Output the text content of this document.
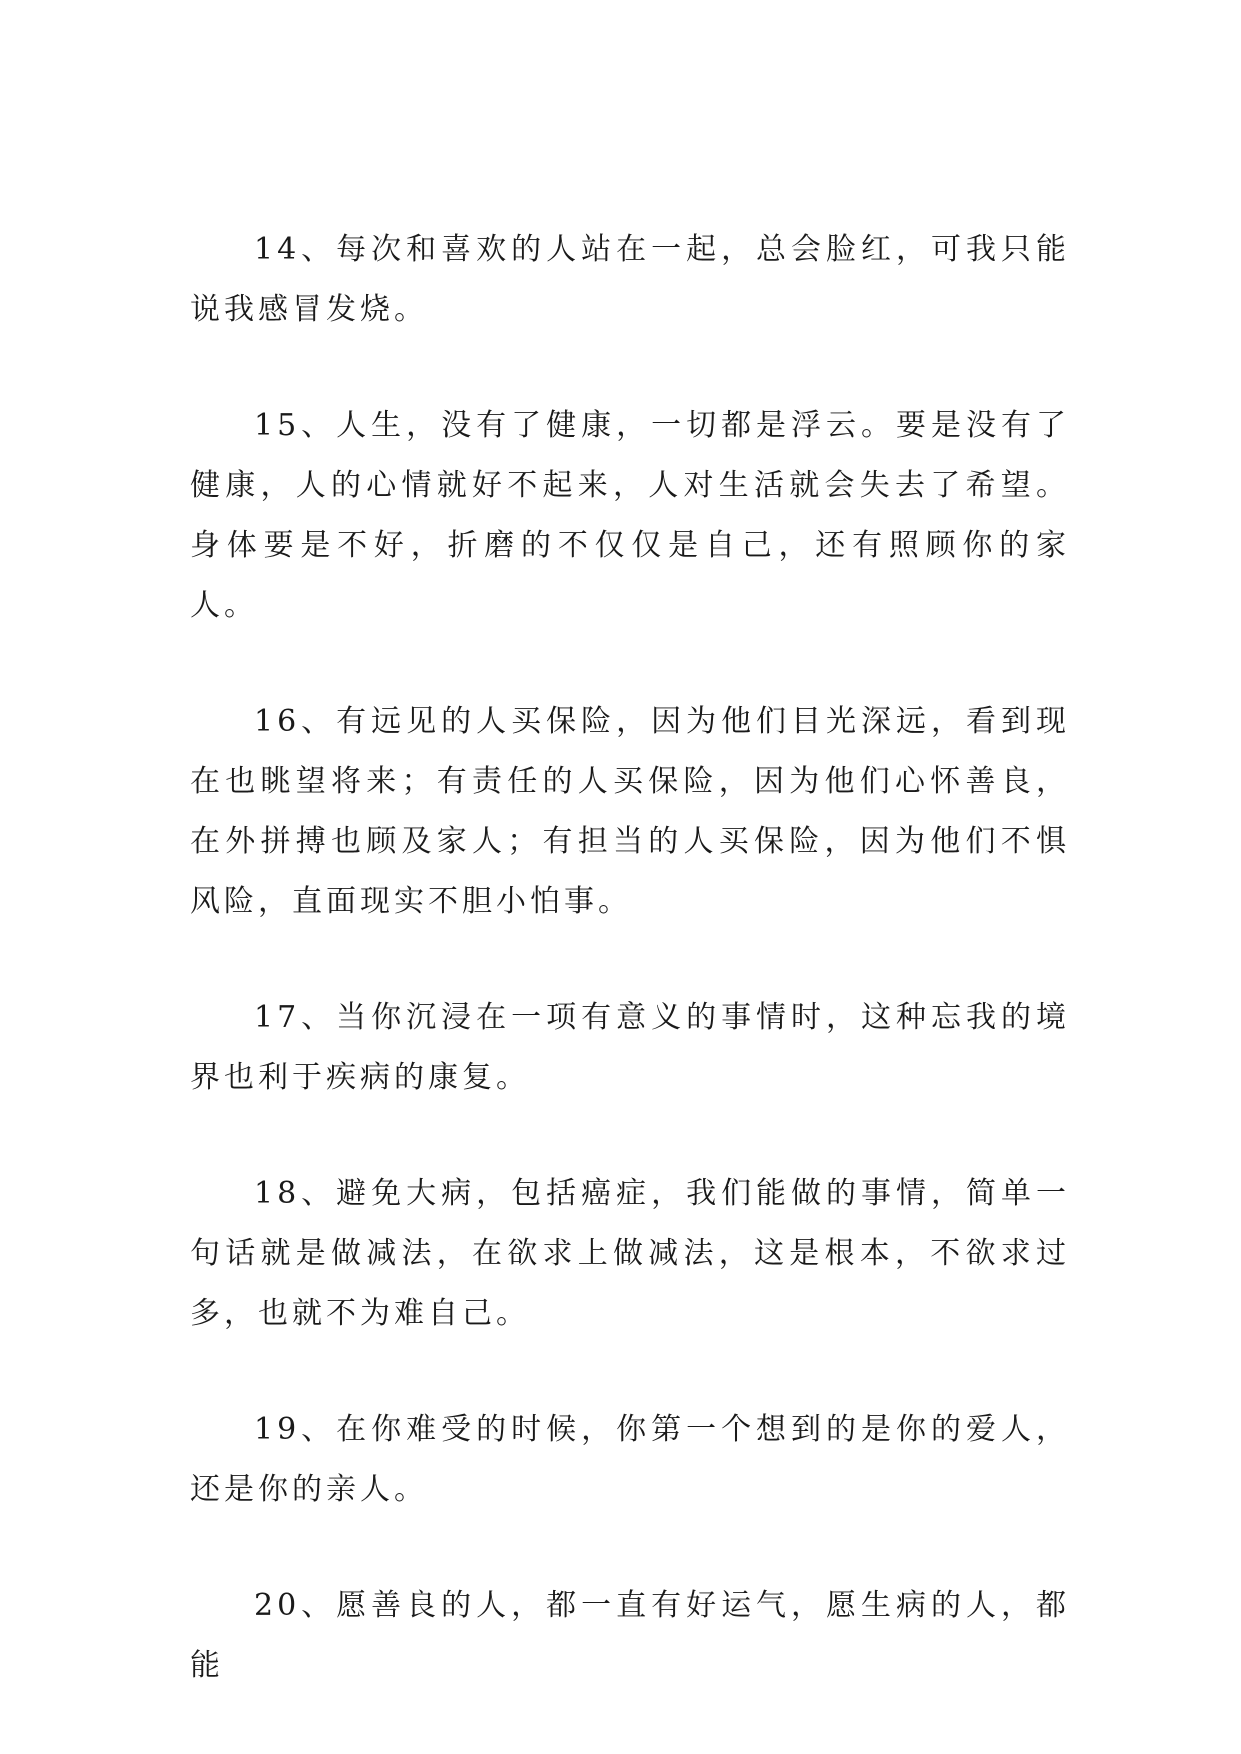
14、每次和喜欢的人站在一起，总会脸红，可我只能说我感冒发烧。

15、人生，没有了健康，一切都是浮云。要是没有了健康，人的心情就好不起来，人对生活就会失去了希望。身体要是不好，折磨的不仅仅是自己，还有照顾你的家人。

16、有远见的人买保险，因为他们目光深远，看到现在也眺望将来；有责任的人买保险，因为他们心怀善良，在外拼搏也顾及家人；有担当的人买保险，因为他们不惧风险，直面现实不胆小怕事。

17、当你沉浸在一项有意义的事情时，这种忘我的境界也利于疾病的康复。

18、避免大病，包括癌症，我们能做的事情，简单一句话就是做减法，在欲求上做减法，这是根本，不欲求过多，也就不为难自己。

19、在你难受的时候，你第一个想到的是你的爱人，还是你的亲人。

20、愿善良的人，都一直有好运气，愿生病的人，都能
